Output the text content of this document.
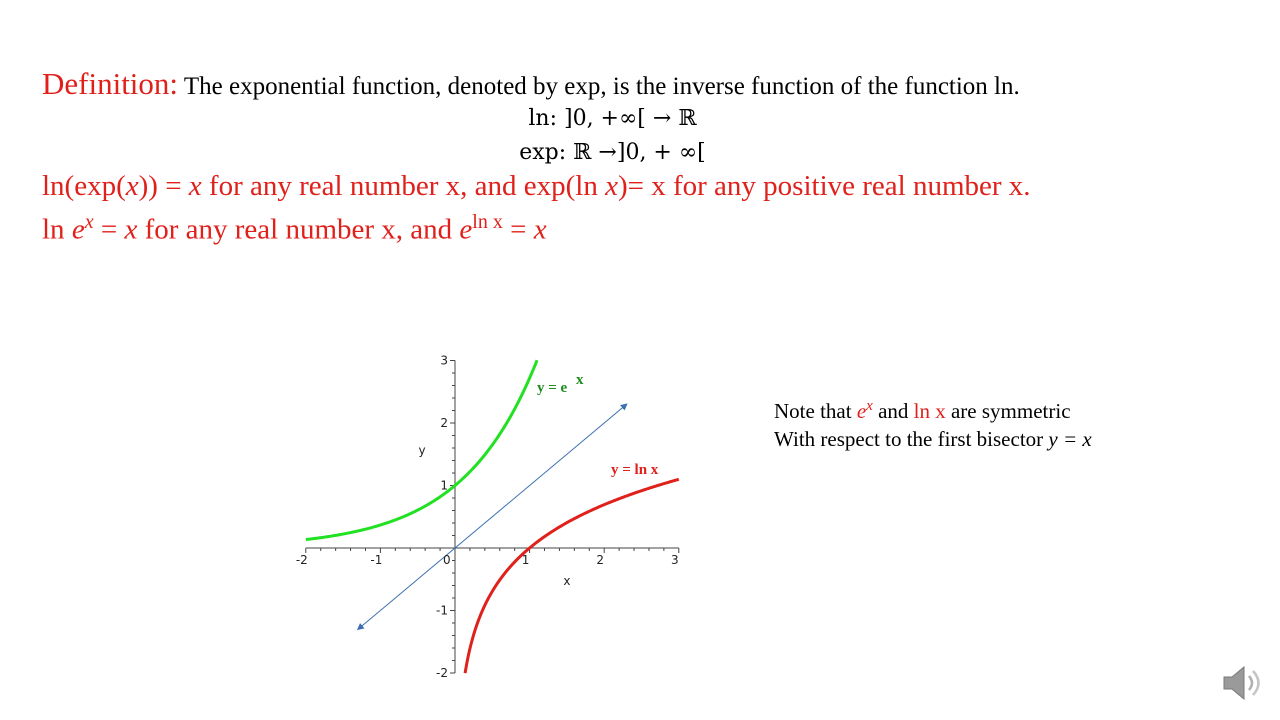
Definition: The exponential function, denoted by exp, is the inverse function of the function ln.
ln: ]0, +∞[ → ℝ
exp: ℝ →]0, + ∞[
ln(exp(x)) = x for any real number x, and exp(ln x)= x for any positive real number x.
$\ln e^x = x$ for any real number x, and $e^{ln x} = x$
-2	-1	0	1	2	3
-2
-1
1
2
3
x
y
y = e x
y = ln x
Note that $e^x$ and ln x are symmetric
With respect to the first bisector y = x
